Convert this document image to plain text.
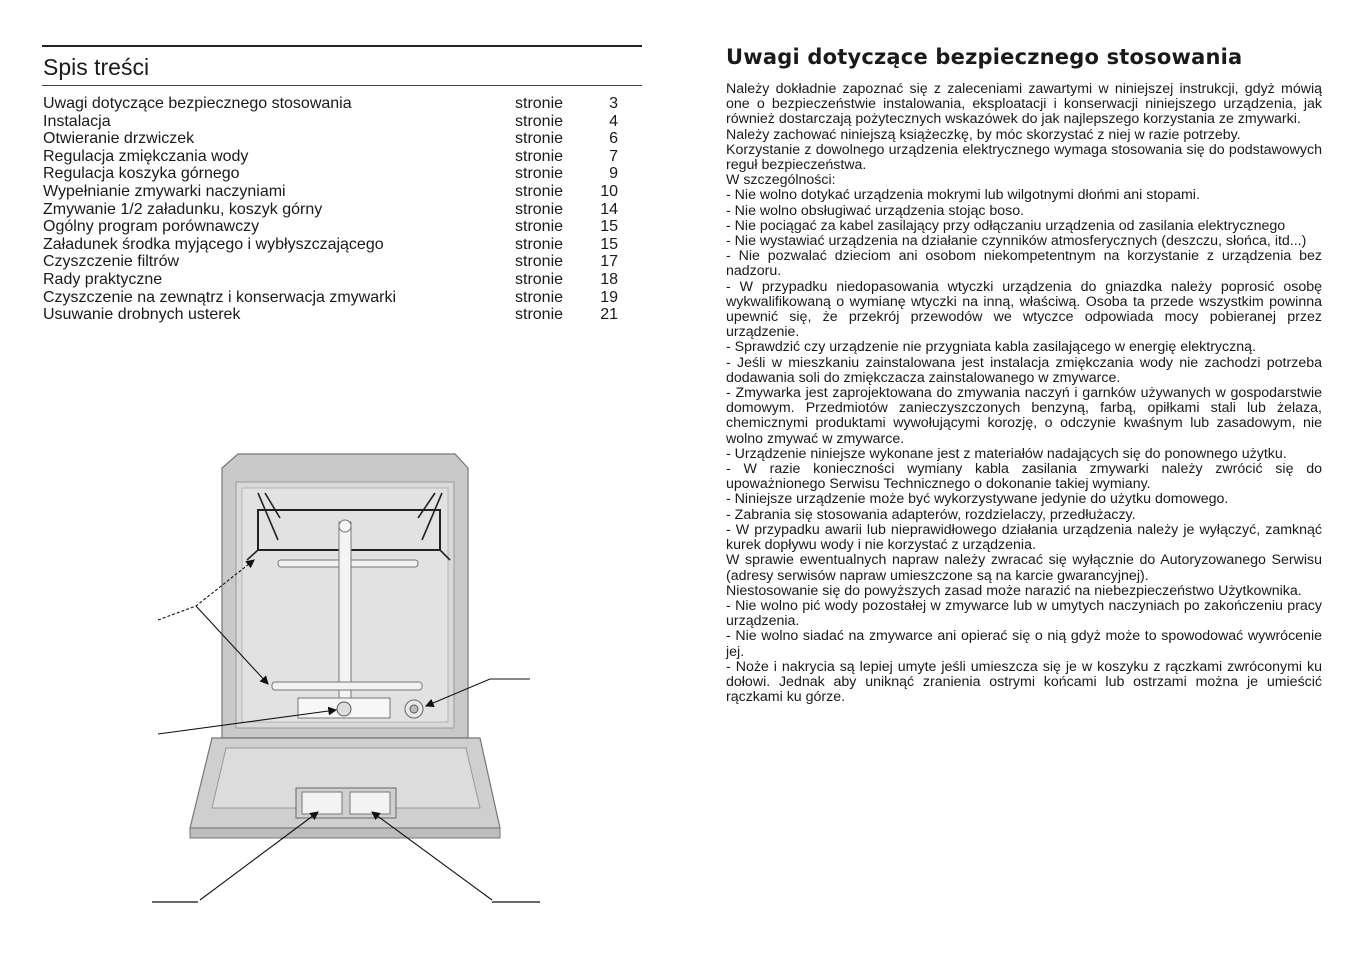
Spis treści
Uwagi dotyczące bezpiecznego stosowania	stronie	3
Instalacja	stronie	4
Otwieranie drzwiczek	stronie	6
Regulacja zmiękczania wody	stronie	7
Regulacja koszyka górnego	stronie	9
Wypełnianie zmywarki naczyniami	stronie 10
Zmywanie 1/2 załadunku, koszyk górny	stronie 14
Ogólny program porównawczy	stronie 15
Załadunek środka myjącego i wybłyszczającego	stronie 15
Czyszczenie filtrów	stronie 17
Rady praktyczne	stronie 18
Czyszczenie na zewnątrz i konserwacja zmywarki	stronie 19
Usuwanie drobnych usterek	stronie 21
Uwagi dotyczące bezpiecznego stosowania

Należy dokładnie zapoznać się z zaleceniami zawartymi w niniejszej instrukcji, gdyż mówią one o bezpieczeństwie instalowania, eksploatacji i konserwacji niniejszego urządzenia, jak również dostarczają pożytecznych wskazówek do jak najlepszego korzystania ze zmywarki.

Należy zachować niniejszą książeczkę, by móc skorzystać z niej w razie potrzeby.

Korzystanie z dowolnego urządzenia elektrycznego wymaga stosowania się do podstawowych reguł bezpieczeństwa.

W szczególności:

- Nie wolno dotykać urządzenia mokrymi lub wilgotnymi dłońmi ani stopami.

- Nie wolno obsługiwać urządzenia stojąc boso.

- Nie pociągać za kabel zasilający przy odłączaniu urządzenia od zasilania elektrycznego

- Nie wystawiać urządzenia na działanie czynników atmosferycznych (deszczu, słońca, itd...)

- Nie pozwalać dzieciom ani osobom niekompetentnym na korzystanie z urządzenia bez nadzoru.

- W przypadku niedopasowania wtyczki urządzenia do gniazdka należy poprosić osobę wykwalifikowaną o wymianę wtyczki na inną, właściwą. Osoba ta przede wszystkim powinna upewnić się, że przekrój przewodów we wtyczce odpowiada mocy pobieranej przez urządzenie.

- Sprawdzić czy urządzenie nie przygniata kabla zasilającego w energię elektryczną.

- Jeśli w mieszkaniu zainstalowana jest instalacja zmiękczania wody nie zachodzi potrzeba dodawania soli do zmiękczacza zainstalowanego w zmywarce.

- Zmywarka jest zaprojektowana do zmywania naczyń i garnków używanych w gospodarstwie domowym. Przedmiotów zanieczyszczonych benzyną, farbą, opiłkami stali lub żelaza, chemicznymi produktami wywołującymi korozję, o odczynie kwaśnym lub zasadowym, nie wolno zmywać w zmywarce.

- Urządzenie niniejsze wykonane jest z materiałów nadających się do ponownego użytku.

- W razie konieczności wymiany kabla zasilania zmywarki należy zwrócić się do upoważnionego Serwisu Technicznego o dokonanie takiej wymiany.

- Niniejsze urządzenie może być wykorzystywane jedynie do użytku domowego.

- Zabrania się stosowania adapterów, rozdzielaczy, przedłużaczy.

- W przypadku awarii lub nieprawidłowego działania urządzenia należy je wyłączyć, zamknąć kurek dopływu wody i nie korzystać z urządzenia.

W sprawie ewentualnych napraw należy zwracać się wyłącznie do Autoryzowanego Serwisu (adresy serwisów napraw umieszczone są na karcie gwarancyjnej).

Niestosowanie się do powyższych zasad może narazić na niebezpieczeństwo Użytkownika.

- Nie wolno pić wody pozostałej w zmywarce lub w umytych naczyniach po zakończeniu pracy urządzenia.

- Nie wolno siadać na zmywarce ani opierać się o nią gdyż może to spowodować wywrócenie jej.

- Noże i nakrycia są lepiej umyte jeśli umieszcza się je w koszyku z rączkami zwróconymi ku dołowi. Jednak aby uniknąć zranienia ostrymi końcami lub ostrzami można je umieścić rączkami ku górze.
